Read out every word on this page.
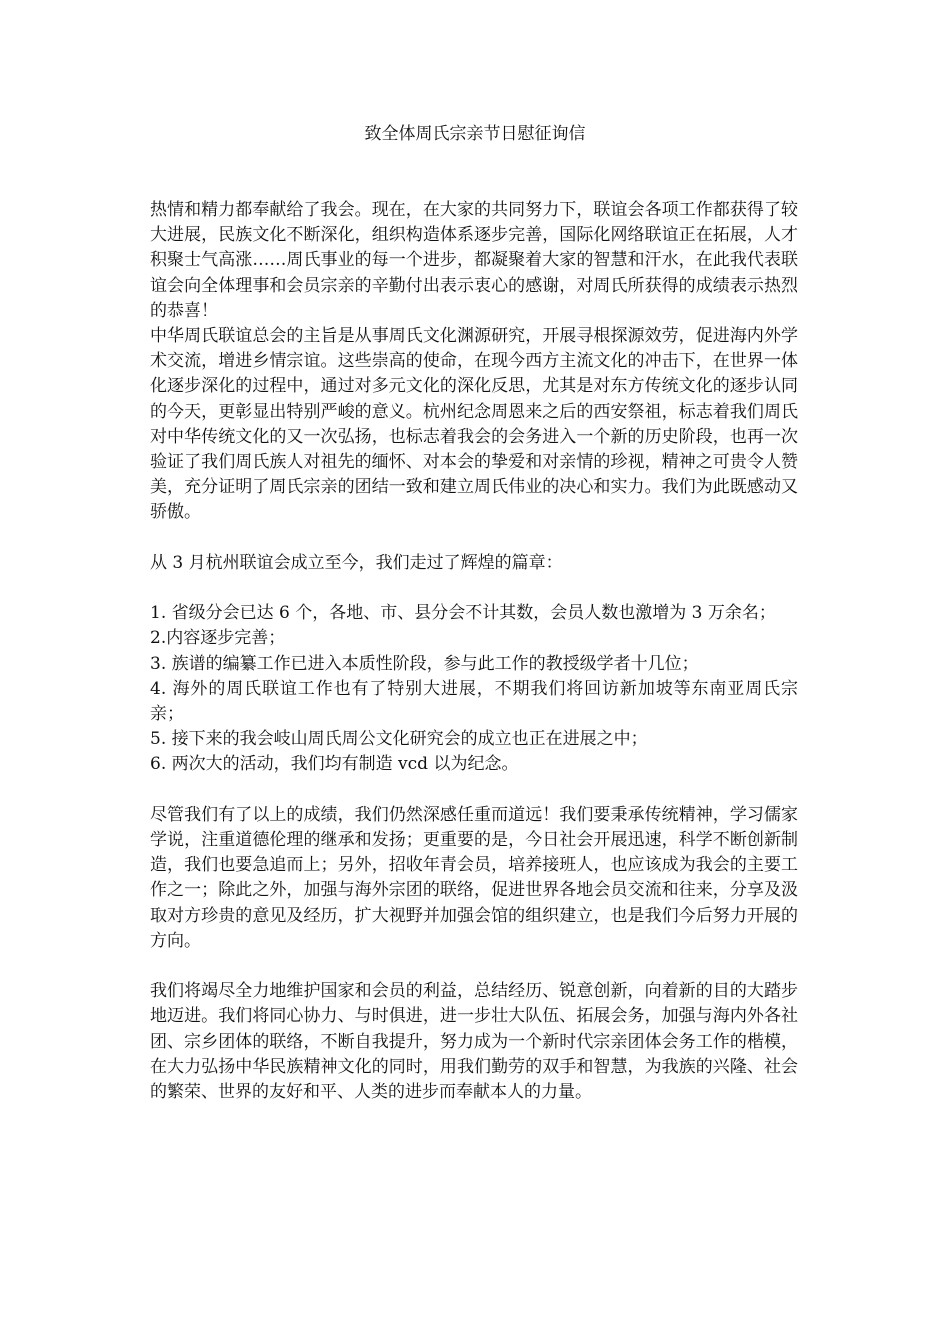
致全体周氏宗亲节日慰征询信

热情和精力都奉献给了我会。现在，在大家的共同努力下，联谊会各项工作都获得了较大进展，民族文化不断深化，组织构造体系逐步完善，国际化网络联谊正在拓展，人才积聚士气高涨……周氏事业的每一个进步，都凝聚着大家的智慧和汗水，在此我代表联谊会向全体理事和会员宗亲的辛勤付出表示衷心的感谢，对周氏所获得的成绩表示热烈的恭喜！

中华周氏联谊总会的主旨是从事周氏文化渊源研究，开展寻根探源效劳，促进海内外学术交流，增进乡情宗谊。这些崇高的使命，在现今西方主流文化的冲击下，在世界一体化逐步深化的过程中，通过对多元文化的深化反思，尤其是对东方传统文化的逐步认同的今天，更彰显出特别严峻的意义。杭州纪念周恩来之后的西安祭祖，标志着我们周氏对中华传统文化的又一次弘扬，也标志着我会的会务进入一个新的历史阶段，也再一次验证了我们周氏族人对祖先的缅怀、对本会的挚爱和对亲情的珍视，精神之可贵令人赞美，充分证明了周氏宗亲的团结一致和建立周氏伟业的决心和实力。我们为此既感动又骄傲。

从 3 月杭州联谊会成立至今，我们走过了辉煌的篇章：

1. 省级分会已达 6 个，各地、市、县分会不计其数，会员人数也激增为 3 万余名；
2.内容逐步完善；
3. 族谱的编纂工作已进入本质性阶段，参与此工作的教授级学者十几位；
4. 海外的周氏联谊工作也有了特别大进展，不期我们将回访新加坡等东南亚周氏宗亲；
5. 接下来的我会岐山周氏周公文化研究会的成立也正在进展之中；
6. 两次大的活动，我们均有制造 vcd 以为纪念。

尽管我们有了以上的成绩，我们仍然深感任重而道远！我们要秉承传统精神，学习儒家学说，注重道德伦理的继承和发扬；更重要的是，今日社会开展迅速，科学不断创新制造，我们也要急追而上；另外，招收年青会员，培养接班人，也应该成为我会的主要工作之一；除此之外，加强与海外宗团的联络，促进世界各地会员交流和往来，分享及汲取对方珍贵的意见及经历，扩大视野并加强会馆的组织建立，也是我们今后努力开展的方向。

我们将竭尽全力地维护国家和会员的利益，总结经历、锐意创新，向着新的目的大踏步地迈进。我们将同心协力、与时俱进，进一步壮大队伍、拓展会务，加强与海内外各社团、宗乡团体的联络，不断自我提升，努力成为一个新时代宗亲团体会务工作的楷模，在大力弘扬中华民族精神文化的同时，用我们勤劳的双手和智慧，为我族的兴隆、社会的繁荣、世界的友好和平、人类的进步而奉献本人的力量。
